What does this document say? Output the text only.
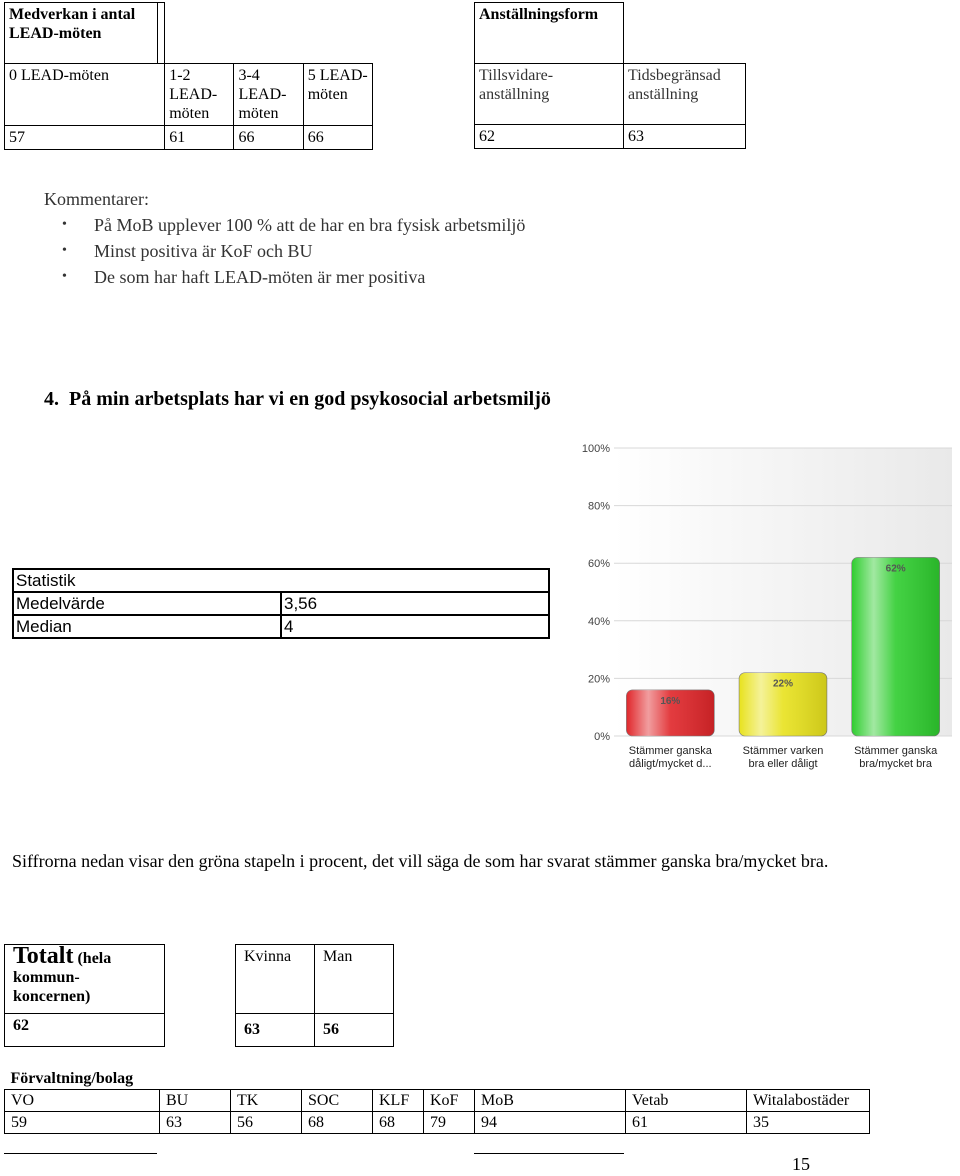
Medverkan i antal LEAD-möten			
0 LEAD-möten	1-2 LEAD-möten	3-4 LEAD-möten	5 LEAD-möten
57	61	66	66
Anställningsform	
Tillsvidare-anställning	Tidsbegränsad anställning
62	63
Kommentarer:
• På MoB upplever 100 % att de har en bra fysisk arbetsmiljö
• Minst positiva är KoF och BU
• De som har haft LEAD-möten är mer positiva
4.  På min arbetsplats har vi en god psykosocial arbetsmiljö
Statistik	
Medelvärde	3,56
Median	4
0%
20%
40%
60%
80%
100%
16%
22%
62%
Stämmer ganska
dåligt/mycket d...
Stämmer varken
bra eller dåligt
Stämmer ganska
bra/mycket bra
Siffrorna nedan visar den gröna stapeln i procent, det vill säga de som har svarat stämmer ganska bra/mycket bra.
Totalt (hela kommun-koncernen)		Kvinna	Man
62		63	56
Förvaltning/bolag								
VO	BU	TK	SOC	KLF	KoF	MoB	Vetab	Witalabostäder
59	63	56	68	68	79	94	61	35
15
